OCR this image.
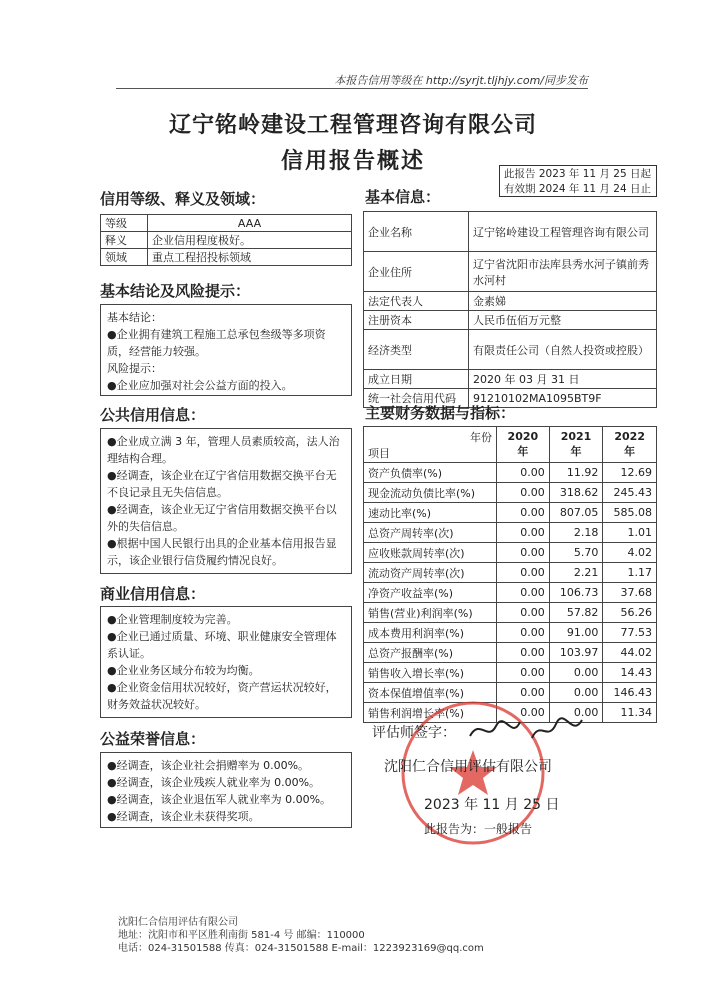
本报告信用等级在 http://syrjt.tljhjy.com/同步发布
辽宁铭岭建设工程管理咨询有限公司
信用报告概述	此报告 2023 年 11 月 25 日起
有效期 2024 年 11 月 24 日止
信用等级、释义及领域：
等级	AAA
释义	企业信用程度极好。
领域	重点工程招投标领域
基本结论及风险提示：

基本结论：

●企业拥有建筑工程施工总承包叁级等多项资质，经营能力较强。

风险提示：

●企业应加强对社会公益方面的投入。

公共信用信息：

●企业成立满 3 年，管理人员素质较高，法人治理结构合理。

●经调查，该企业在辽宁省信用数据交换平台无不良记录且无失信信息。

●经调查，该企业无辽宁省信用数据交换平台以外的失信信息。

●根据中国人民银行出具的企业基本信用报告显示，该企业银行信贷履约情况良好。

商业信用信息：

●企业管理制度较为完善。

●企业已通过质量、环境、职业健康安全管理体系认证。

●企业业务区域分布较为均衡。

●企业资金信用状况较好，资产营运状况较好，财务效益状况较好。

公益荣誉信息：

●经调查，该企业社会捐赠率为 0.00%。

●经调查，该企业残疾人就业率为 0.00%。

●经调查，该企业退伍军人就业率为 0.00%。

●经调查，该企业未获得奖项。

基本信息：
企业名称	辽宁铭岭建设工程管理咨询有限公司
企业住所	辽宁省沈阳市法库县秀水河子镇前秀水河村
法定代表人	金素娣
注册资本	人民币伍佰万元整
经济类型	有限责任公司（自然人投资或控股）
成立日期	2020 年 03 月 31 日
统一社会信用代码	91210102MA1095BT9F
主要财务数据与指标：
年份
项目	2020 年	2021 年	2022 年
资产负债率(%)	0.00	11.92	12.69
现金流动负债比率(%)	0.00	318.62	245.43
速动比率(%)	0.00	807.05	585.08
总资产周转率(次)	0.00	2.18	1.01
应收账款周转率(次)	0.00	5.70	4.02
流动资产周转率(次)	0.00	2.21	1.17
净资产收益率(%)	0.00	106.73	37.68
销售(营业)利润率(%)	0.00	57.82	56.26
成本费用利润率(%)	0.00	91.00	77.53
总资产报酬率(%)	0.00	103.97	44.02
销售收入增长率(%)	0.00	0.00	14.43
资本保值增值率(%)	0.00	0.00	146.43
销售利润增长率(%)	0.00	0.00	11.34
评估师签字：
沈阳仁合信用评估有限公司
2023 年 11 月 25 日
此报告为：一般报告
沈阳仁合信用评估有限公司
地址：沈阳市和平区胜利南街 581-4 号 邮编：110000
电话：024-31501588 传真：024-31501588 E-mail：1223923169@qq.com
